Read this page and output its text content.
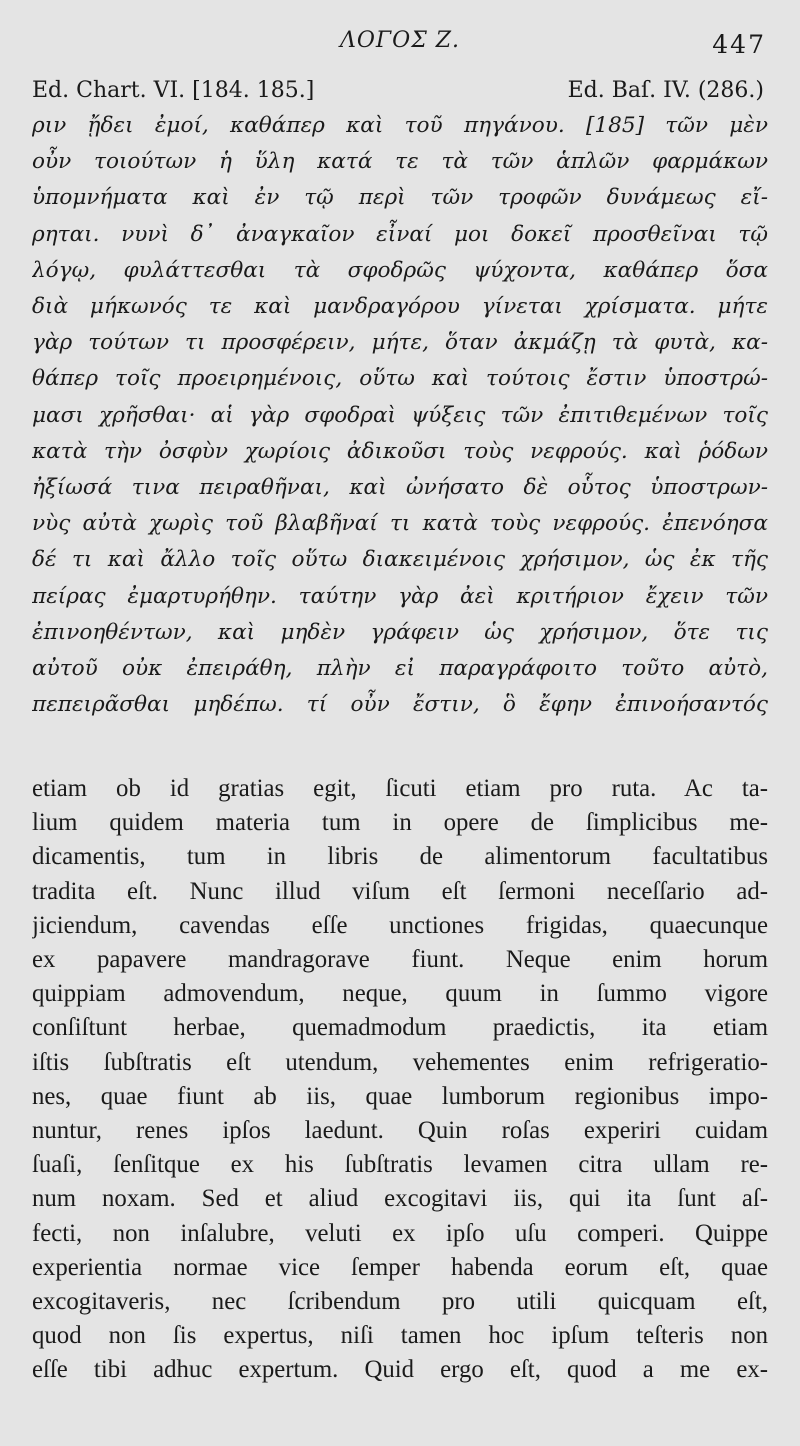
ΛΟΓΟΣ Ζ.	447
Ed. Chart. VI. [184. 185.]	Ed. Baſ. IV. (286.)
ριν ᾔδει ἐμοί, καθάπερ καὶ τοῦ πηγάνου. [185] τῶν μὲν
οὖν τοιούτων ἡ ὕλη κατά τε τὰ τῶν ἁπλῶν φαρμάκων
ὑπομνήματα καὶ ἐν τῷ περὶ τῶν τροφῶν δυνάμεως εἴ-
ρηται. νυνὶ δ᾽ ἀναγκαῖον εἶναί μοι δοκεῖ προσθεῖναι τῷ
λόγῳ, φυλάττεσθαι τὰ σφοδρῶς ψύχοντα, καθάπερ ὅσα
διὰ μήκωνός τε καὶ μανδραγόρου γίνεται χρίσματα. μήτε
γὰρ τούτων τι προσφέρειν, μήτε, ὅταν ἀκμάζῃ τὰ φυτὰ, κα-
θάπερ τοῖς προειρημένοις, οὕτω καὶ τούτοις ἔστιν ὑποστρώ-
μασι χρῆσθαι· αἱ γὰρ σφοδραὶ ψύξεις τῶν ἐπιτιθεμένων τοῖς
κατὰ τὴν ὀσφὺν χωρίοις ἀδικοῦσι τοὺς νεφρούς. καὶ ῥόδων
ἠξίωσά τινα πειραθῆναι, καὶ ὠνήσατο δὲ οὗτος ὑποστρων-
νὺς αὐτὰ χωρὶς τοῦ βλαβῆναί τι κατὰ τοὺς νεφρούς. ἐπενόησα
δέ τι καὶ ἄλλο τοῖς οὕτω διακειμένοις χρήσιμον, ὡς ἐκ τῆς
πείρας ἐμαρτυρήθην. ταύτην γὰρ ἀεὶ κριτήριον ἔχειν τῶν
ἐπινοηθέντων, καὶ μηδὲν γράφειν ὡς χρήσιμον, ὅτε τις
αὐτοῦ οὐκ ἐπειράθη, πλὴν εἰ παραγράφοιτο τοῦτο αὐτὸ,
πεπειρᾶσθαι μηδέπω. τί οὖν ἔστιν, ὃ ἔφην ἐπινοήσαντός
etiam ob id gratias egit, ſicuti etiam pro ruta. Ac ta-
lium quidem materia tum in opere de ſimplicibus me-
dicamentis, tum in libris de alimentorum facultatibus
tradita eſt. Nunc illud viſum eſt ſermoni neceſſario ad-
jiciendum, cavendas eſſe unctiones frigidas, quaecunque
ex papavere mandragorave fiunt. Neque enim horum
quippiam admovendum, neque, quum in ſummo vigore
conſiſtunt herbae, quemadmodum praedictis, ita etiam
iſtis ſubſtratis eſt utendum, vehementes enim refrigeratio-
nes, quae fiunt ab iis, quae lumborum regionibus impo-
nuntur, renes ipſos laedunt. Quin roſas experiri cuidam
ſuaſi, ſenſitque ex his ſubſtratis levamen citra ullam re-
num noxam. Sed et aliud excogitavi iis, qui ita ſunt aſ-
fecti, non inſalubre, veluti ex ipſo uſu comperi. Quippe
experientia normae vice ſemper habenda eorum eſt, quae
excogitaveris, nec ſcribendum pro utili quicquam eſt,
quod non ſis expertus, niſi tamen hoc ipſum teſteris non
eſſe tibi adhuc expertum. Quid ergo eſt, quod a me ex-
